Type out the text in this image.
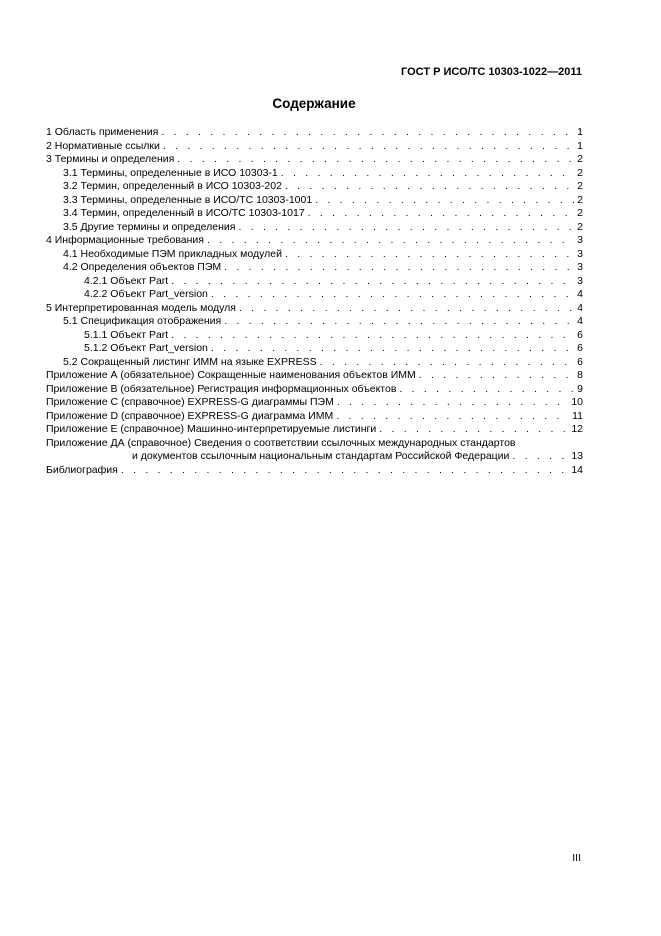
ГОСТ Р ИСО/ТС 10303-1022—2011
Содержание
1 Область применения . . .	1
2 Нормативные ссылки . . .	1
3 Термины и определения . . .	2
3.1 Термины, определенные в ИСО 10303-1 . . .	2
3.2 Термин, определенный в ИСО 10303-202 . . .	2
3.3 Термины, определенные в ИСО/ТС 10303-1001 . . .	2
3.4 Термин, определенный в ИСО/ТС 10303-1017 . . .	2
3.5 Другие термины и определения . . .	2
4 Информационные требования . . .	3
4.1 Необходимые ПЭМ прикладных модулей . . .	3
4.2 Определения объектов ПЭМ . . .	3
4.2.1 Объект Part . . .	3
4.2.2 Объект Part_version . . .	4
5 Интерпретированная модель модуля . . .	4
5.1 Спецификация отображения . . .	4
5.1.1 Объект Part . . .	6
5.1.2 Объект Part_version . . .	6
5.2 Сокращенный листинг ИММ на языке EXPRESS . . .	6
Приложение А (обязательное) Сокращенные наименования объектов ИММ . . .	8
Приложение В (обязательное) Регистрация информационных объектов . . .	9
Приложение С (справочное) EXPRESS-G диаграммы ПЭМ . . .	10
Приложение D (справочное) EXPRESS-G диаграмма ИММ . . .	11
Приложение Е (справочное) Машинно-интерпретируемые листинги . . .	12
Приложение ДА (справочное) Сведения о соответствии ссылочных международных стандартов
и документов ссылочным национальным стандартам Российской Федерации . . .	13
Библиография . . .	14
III
